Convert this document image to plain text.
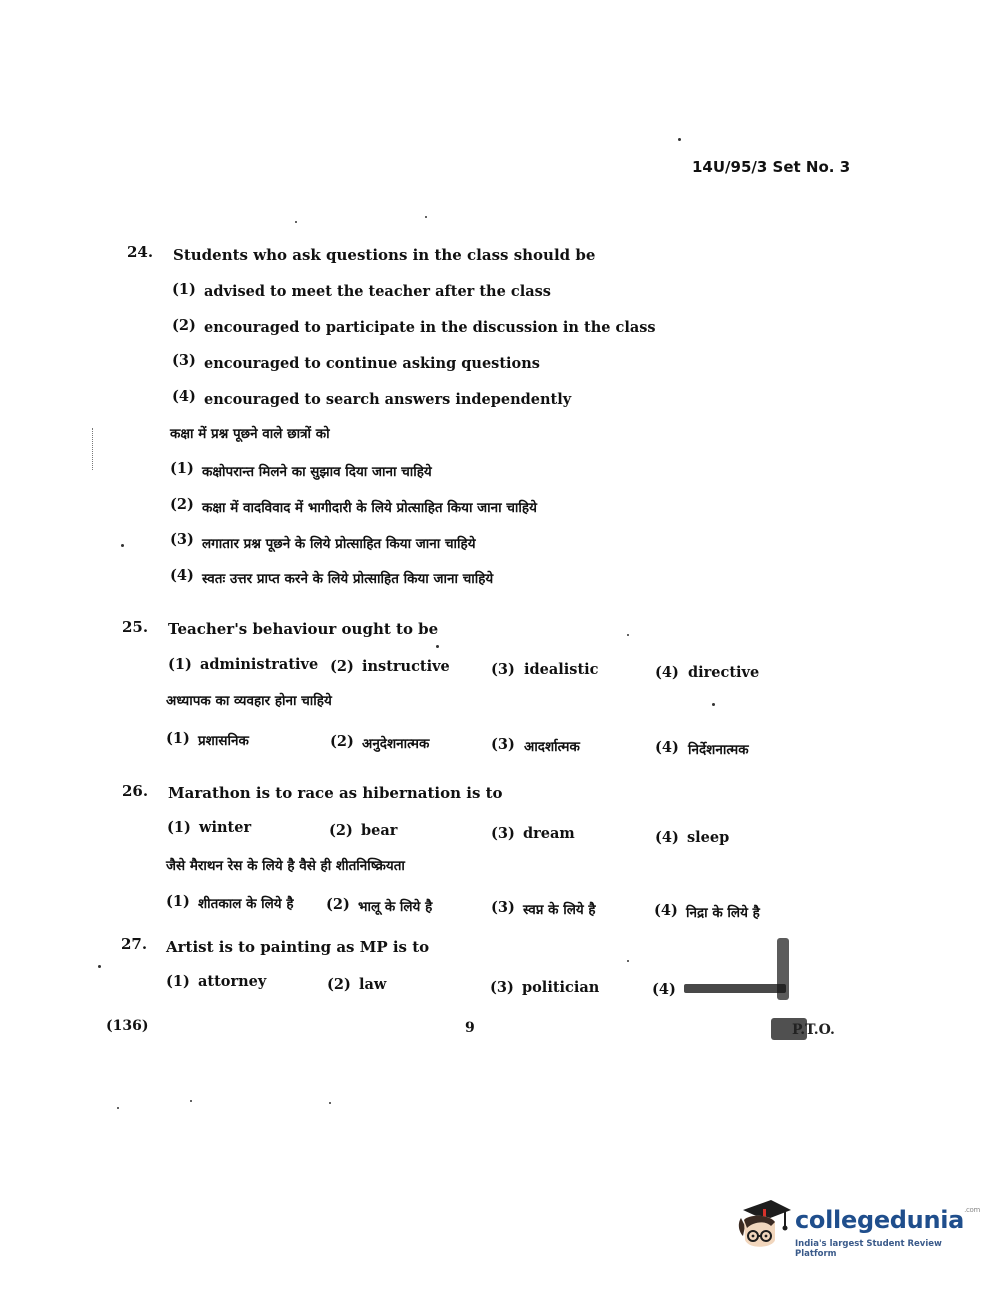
14U/95/3 Set No. 3
24. Students who ask questions in the class should be
(1) advised to meet the teacher after the class
(2) encouraged to participate in the discussion in the class
(3) encouraged to continue asking questions
(4) encouraged to search answers independently
कक्षा में प्रश्न पूछने वाले छात्रों को
(1) कक्षोपरान्त मिलने का सुझाव दिया जाना चाहिये
(2) कक्षा में वादविवाद में भागीदारी के लिये प्रोत्साहित किया जाना चाहिये
(3) लगातार प्रश्न पूछने के लिये प्रोत्साहित किया जाना चाहिये
(4) स्वतः उत्तर प्राप्त करने के लिये प्रोत्साहित किया जाना चाहिये
25. Teacher's behaviour ought to be
(1) administrative (2) instructive	(3) idealistic	(4) directive
अध्यापक का व्यवहार होना चाहिये
(1) प्रशासनिक	(2) अनुदेशनात्मक	(3) आदर्शात्मक	(4) निर्देशनात्मक
26. Marathon is to race as hibernation is to
(1) winter	(2) bear	(3) dream	(4) sleep
जैसे मैराथन रेस के लिये है वैसे ही शीतनिष्क्रियता
(1) शीतकाल के लिये है (2) भालू के लिये है	(3) स्वप्न के लिये है	(4) निद्रा के लिये है
27. Artist is to painting as MP is to
(1) attorney	(2) law	(3) politician	(4)
(136)	9	P.T.O.
collegedunia$^{.com}$
India's largest Student Review Platform
